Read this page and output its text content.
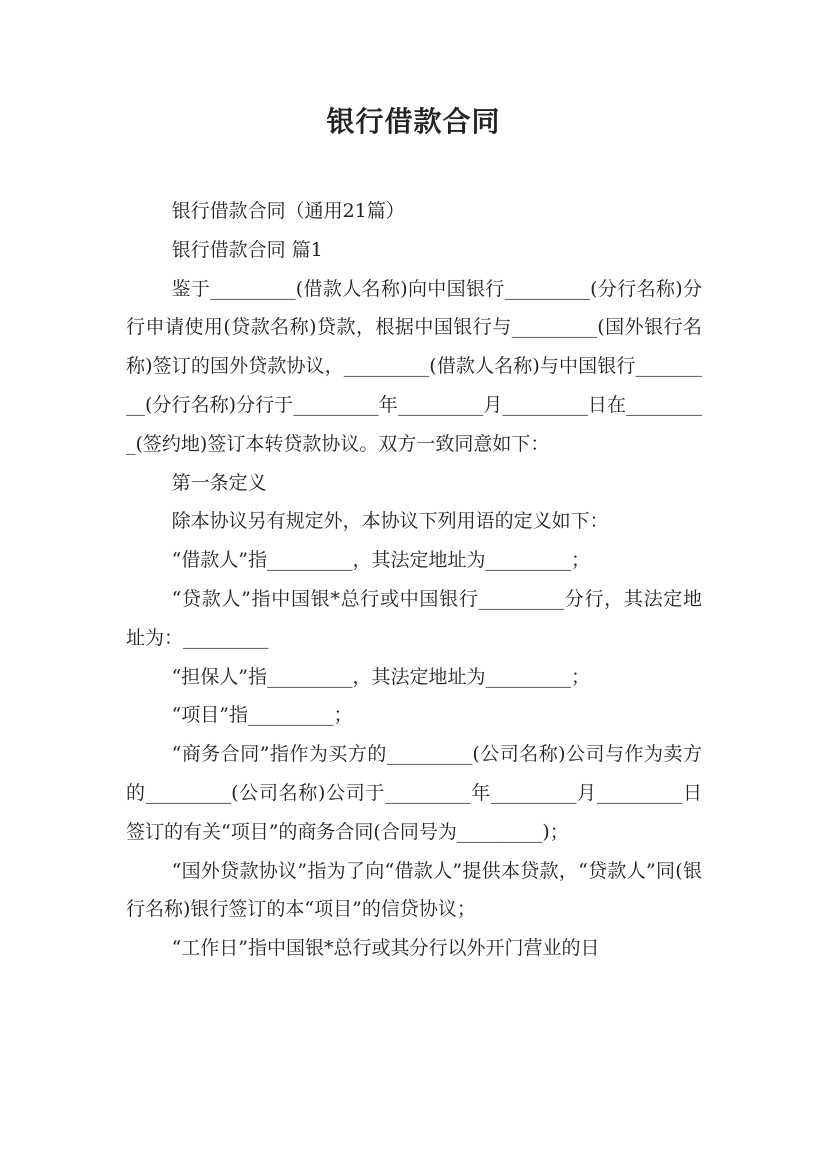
银行借款合同

银行借款合同（通用21篇）

银行借款合同 篇1

鉴于_________(借款人名称)向中国银行_________(分行名称)分行申请使用(贷款名称)贷款，根据中国银行与_________(国外银行名称)签订的国外贷款协议，_________(借款人名称)与中国银行_________(分行名称)分行于_________年_________月_________日在_________(签约地)签订本转贷款协议。双方一致同意如下：

第一条定义

除本协议另有规定外，本协议下列用语的定义如下：

“借款人”指_________，其法定地址为_________；

“贷款人”指中国银*总行或中国银行_________分行，其法定地址为：_________

“担保人”指_________，其法定地址为_________；

“项目”指_________；

“商务合同”指作为买方的_________(公司名称)公司与作为卖方的_________(公司名称)公司于_________年_________月_________日签订的有关“项目”的商务合同(合同号为_________)；

“国外贷款协议”指为了向“借款人”提供本贷款，“贷款人”同(银行名称)银行签订的本“项目”的信贷协议；

“工作日”指中国银*总行或其分行以外开门营业的日
